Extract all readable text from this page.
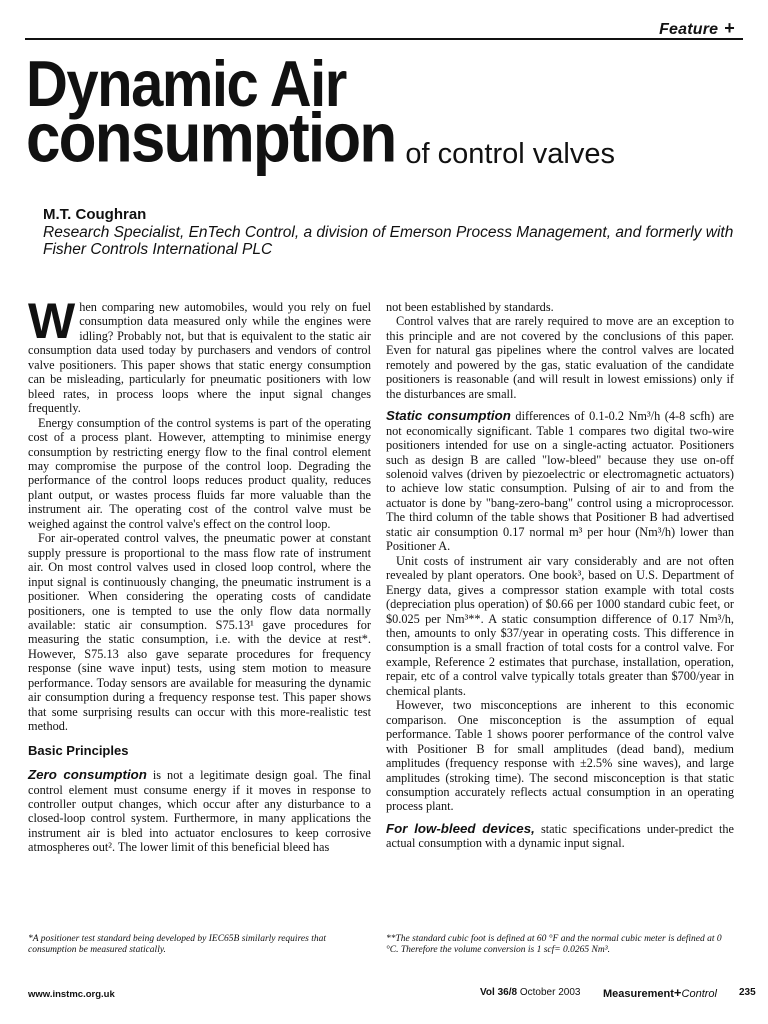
Feature +
Dynamic Air
consumption of control valves
M.T. Coughran
Research Specialist, EnTech Control, a division of Emerson Process Management, and formerly with Fisher Controls International PLC

When comparing new automobiles, would you rely on fuel consumption data measured only while the engines were idling? Probably not, but that is equivalent to the static air consumption data used today by purchasers and vendors of control valve positioners. This paper shows that static energy consumption can be misleading, particularly for pneumatic positioners with low bleed rates, in process loops where the input signal changes frequently.

Energy consumption of the control systems is part of the operating cost of a process plant. However, attempting to minimise energy consumption by restricting energy flow to the final control element may compromise the purpose of the control loop. Degrading the performance of the control loops reduces product quality, reduces plant output, or wastes process fluids far more valuable than the instrument air. The operating cost of the control valve must be weighed against the control valve's effect on the control loop.

For air-operated control valves, the pneumatic power at constant supply pressure is proportional to the mass flow rate of instrument air. On most control valves used in closed loop control, where the input signal is continuously changing, the pneumatic instrument is a positioner. When considering the operating costs of candidate positioners, one is tempted to use the only flow data normally available: static air consumption. S75.13¹ gave procedures for measuring the static consumption, i.e. with the device at rest*. However, S75.13 also gave separate procedures for frequency response (sine wave input) tests, using stem motion to measure performance. Today sensors are available for measuring the dynamic air consumption during a frequency response test. This paper shows that some surprising results can occur with this more-realistic test method.

Basic Principles

Zero consumption is not a legitimate design goal. The final control element must consume energy if it moves in response to controller output changes, which occur after any disturbance to a closed-loop control system. Furthermore, in many applications the instrument air is bled into actuator enclosures to keep corrosive atmospheres out². The lower limit of this beneficial bleed has

not been established by standards.

Control valves that are rarely required to move are an exception to this principle and are not covered by the conclusions of this paper. Even for natural gas pipelines where the control valves are located remotely and powered by the gas, static evaluation of the candidate positioners is reasonable (and will result in lowest emissions) only if the disturbances are small.

Static consumption differences of 0.1-0.2 Nm³/h (4-8 scfh) are not economically significant. Table 1 compares two digital two-wire positioners intended for use on a single-acting actuator. Positioners such as design B are called "low-bleed" because they use on-off solenoid valves (driven by piezoelectric or electromagnetic actuators) to achieve low static consumption. Pulsing of air to and from the actuator is done by "bang-zero-bang" control using a microprocessor. The third column of the table shows that Positioner B had advertised static air consumption 0.17 normal m³ per hour (Nm³/h) lower than Positioner A.

Unit costs of instrument air vary considerably and are not often revealed by plant operators. One book³, based on U.S. Department of Energy data, gives a compressor station example with total costs (depreciation plus operation) of $0.66 per 1000 standard cubic feet, or $0.025 per Nm³**. A static consumption difference of 0.17 Nm³/h, then, amounts to only $37/year in operating costs. This difference in consumption is a small fraction of total costs for a control valve. For example, Reference 2 estimates that purchase, installation, operation, repair, etc of a control valve typically totals greater than $700/year in chemical plants.

However, two misconceptions are inherent to this economic comparison. One misconception is the assumption of equal performance. Table 1 shows poorer performance of the control valve with Positioner B for small amplitudes (dead band), medium amplitudes (frequency response with ±2.5% sine waves), and large amplitudes (stroking time). The second misconception is that static consumption accurately reflects actual consumption in an operating process plant.

For low-bleed devices, static specifications under-predict the actual consumption with a dynamic input signal.

*A positioner test standard being developed by IEC65B similarly requires that consumption be measured statically.
**The standard cubic foot is defined at 60 °F and the normal cubic meter is defined at 0 °C. Therefore the volume conversion is 1 scf= 0.0265 Nm³.
www.instmc.org.uk	Vol 36/8 October 2003 Measurement+Control 235
